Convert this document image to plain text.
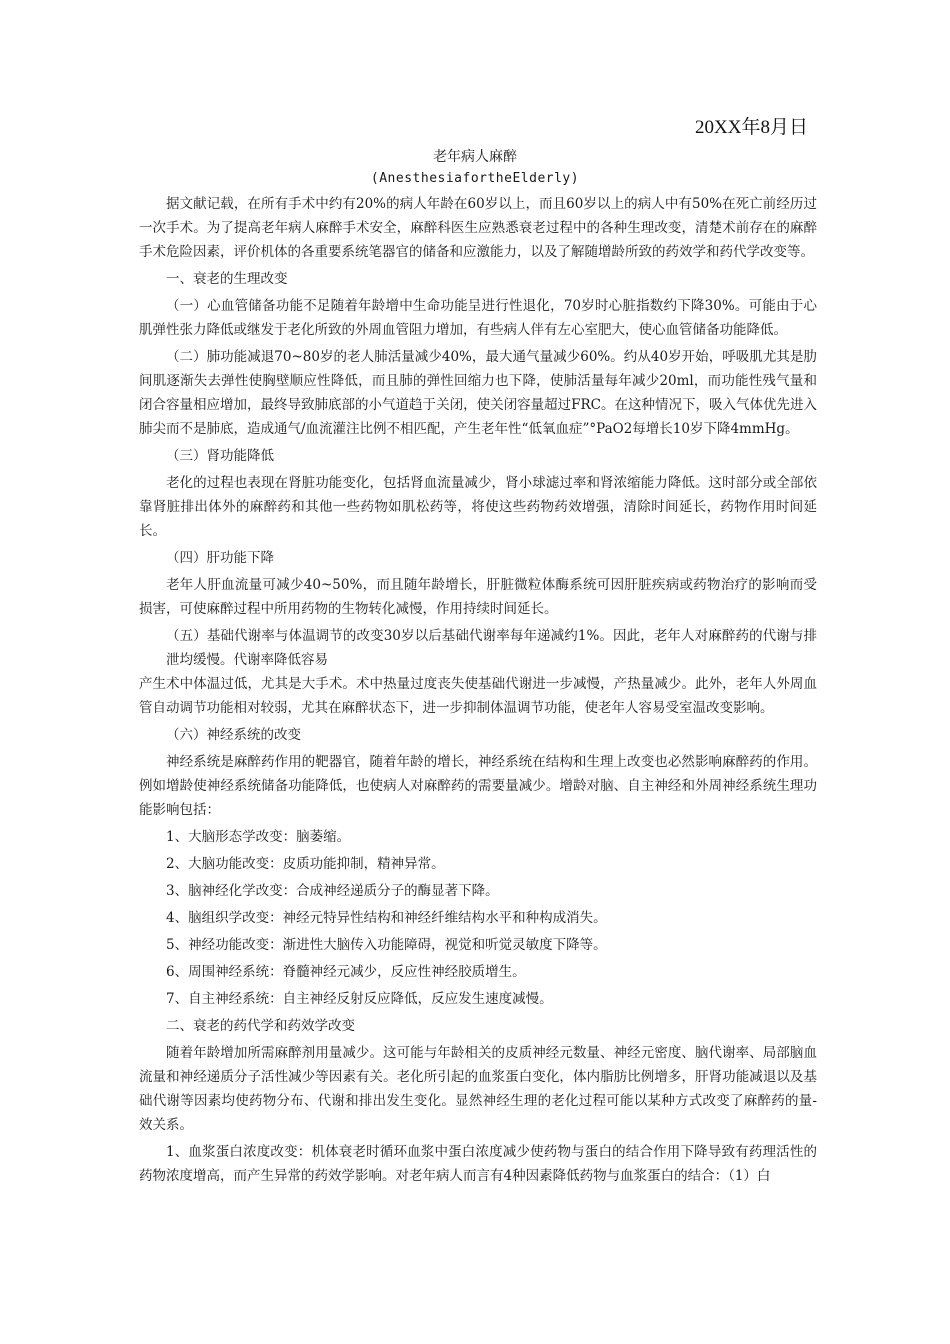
20XX年8月日
老年病人麻醉
(AnesthesiafortheElderly)

据文献记载，在所有手术中约有20%的病人年龄在60岁以上，而且60岁以上的病人中有50%在死亡前经历过一次手术。为了提高老年病人麻醉手术安全，麻醉科医生应熟悉衰老过程中的各种生理改变，清楚术前存在的麻醉手术危险因素，评价机体的各重要系统笔器官的储备和应激能力，以及了解随增龄所致的药效学和药代学改变等。

一、衰老的生理改变

（一）心血管储备功能不足随着年龄增中生命功能呈进行性退化，70岁时心脏指数约下降30%。可能由于心肌弹性张力降低或继发于老化所致的外周血管阻力增加，有些病人伴有左心室肥大，使心血管储备功能降低。

（二）肺功能减退70~80岁的老人肺活量减少40%，最大通气量减少60%。约从40岁开始，呼吸肌尤其是肋间肌逐渐失去弹性使胸壁顺应性降低，而且肺的弹性回缩力也下降，使肺活量每年减少20ml，而功能性残气量和闭合容量相应增加，最终导致肺底部的小气道趋于关闭，使关闭容量超过FRC。在这种情况下，吸入气体优先进入肺尖而不是肺底，造成通气/血流灌注比例不相匹配，产生老年性“低氧血症”°PaO2每增长10岁下降4mmHg。

（三）肾功能降低

老化的过程也表现在肾脏功能变化，包括肾血流量减少，肾小球滤过率和肾浓缩能力降低。这时部分或全部依靠肾脏排出体外的麻醉药和其他一些药物如肌松药等，将使这些药物药效增强，清除时间延长，药物作用时间延长。

（四）肝功能下降

老年人肝血流量可减少40~50%，而且随年龄增长，肝脏微粒体酶系统可因肝脏疾病或药物治疗的影响而受损害，可使麻醉过程中所用药物的生物转化减慢，作用持续时间延长。

（五）基础代谢率与体温调节的改变30岁以后基础代谢率每年递减约1%。因此，老年人对麻醉药的代谢与排泄均缓慢。代谢率降低容易

产生术中体温过低，尤其是大手术。术中热量过度丧失使基础代谢进一步减慢，产热量减少。此外，老年人外周血管自动调节功能相对较弱，尤其在麻醉状态下，进一步抑制体温调节功能，使老年人容易受室温改变影响。

（六）神经系统的改变

神经系统是麻醉药作用的靶器官，随着年龄的增长，神经系统在结构和生理上改变也必然影响麻醉药的作用。例如增龄使神经系统储备功能降低，也使病人对麻醉药的需要量减少。增龄对脑、自主神经和外周神经系统生理功能影响包括：

1、大脑形态学改变：脑萎缩。

2、大脑功能改变：皮质功能抑制，精神异常。

3、脑神经化学改变：合成神经递质分子的酶显著下降。

4、脑组织学改变：神经元特异性结构和神经纤维结构水平和种构成消失。

5、神经功能改变：渐进性大脑传入功能障碍，视觉和听觉灵敏度下降等。

6、周围神经系统：脊髓神经元减少，反应性神经胶质增生。

7、自主神经系统：自主神经反射反应降低，反应发生速度减慢。

二、衰老的药代学和药效学改变

随着年龄增加所需麻醉剂用量减少。这可能与年龄相关的皮质神经元数量、神经元密度、脑代谢率、局部脑血流量和神经递质分子活性减少等因素有关。老化所引起的血浆蛋白变化，体内脂肪比例增多，肝肾功能减退以及基础代谢等因素均使药物分布、代谢和排出发生变化。显然神经生理的老化过程可能以某种方式改变了麻醉药的量-效关系。

1、血浆蛋白浓度改变：机体衰老时循环血浆中蛋白浓度减少使药物与蛋白的结合作用下降导致有药理活性的药物浓度增高，而产生异常的药效学影响。对老年病人而言有4种因素降低药物与血浆蛋白的结合：（1）白
